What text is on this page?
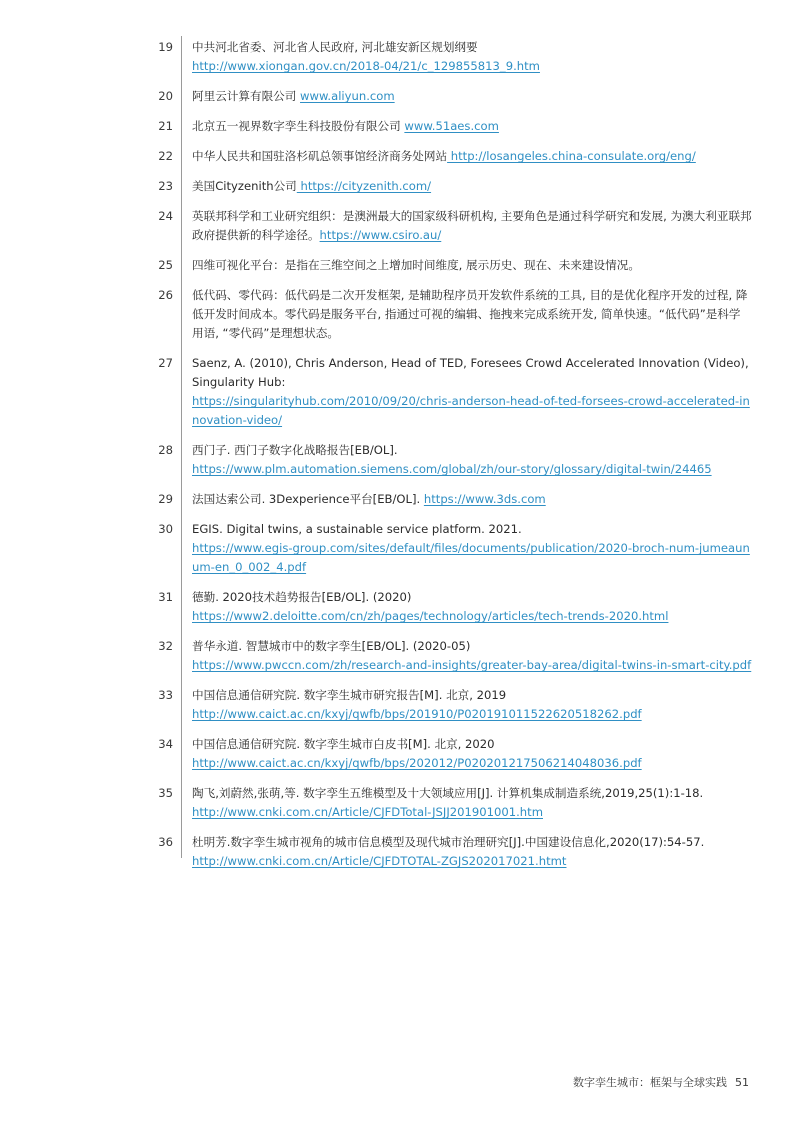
19 中共河北省委、河北省人民政府, 河北雄安新区规划纲要
http://www.xiongan.gov.cn/2018-04/21/c_129855813_9.htm
20 阿里云计算有限公司 www.aliyun.com
21 北京五一视界数字孪生科技股份有限公司 www.51aes.com
22 中华人民共和国驻洛杉矶总领事馆经济商务处网站 http://losangeles.china-consulate.org/eng/
23 美国Cityzenith公司 https://cityzenith.com/
24 英联邦科学和工业研究组织：是澳洲最大的国家级科研机构, 主要角色是通过科学研究和发展, 为澳大利亚联邦政府提供新的科学途径。https://www.csiro.au/
25 四维可视化平台：是指在三维空间之上增加时间维度, 展示历史、现在、未来建设情况。
26 低代码、零代码：低代码是二次开发框架, 是辅助程序员开发软件系统的工具, 目的是优化程序开发的过程, 降低开发时间成本。零代码是服务平台, 指通过可视的编辑、拖拽来完成系统开发, 简单快速。“低代码”是科学用语, “零代码”是理想状态。
27 Saenz, A. (2010), Chris Anderson, Head of TED, Foresees Crowd Accelerated Innovation (Video), Singularity Hub:
https://singularityhub.com/2010/09/20/chris-anderson-head-of-ted-forsees-crowd-accelerated-innovation-video/
28 西门子. 西门子数字化战略报告[EB/OL].
https://www.plm.automation.siemens.com/global/zh/our-story/glossary/digital-twin/24465
29 法国达索公司. 3Dexperience平台[EB/OL]. https://www.3ds.com
30 EGIS. Digital twins, a sustainable service platform. 2021.
https://www.egis-group.com/sites/default/files/documents/publication/2020-broch-num-jumeaunum-en_0_002_4.pdf
31 德勤. 2020技术趋势报告[EB/OL]. (2020)
https://www2.deloitte.com/cn/zh/pages/technology/articles/tech-trends-2020.html
32 普华永道. 智慧城市中的数字孪生[EB/OL]. (2020-05)
https://www.pwccn.com/zh/research-and-insights/greater-bay-area/digital-twins-in-smart-city.pdf
33 中国信息通信研究院. 数字孪生城市研究报告[M]. 北京, 2019
http://www.caict.ac.cn/kxyj/qwfb/bps/201910/P020191011522620518262.pdf
34 中国信息通信研究院. 数字孪生城市白皮书[M]. 北京, 2020
http://www.caict.ac.cn/kxyj/qwfb/bps/202012/P020201217506214048036.pdf
35 陶飞,刘蔚然,张萌,等. 数字孪生五维模型及十大领域应用[J]. 计算机集成制造系统,2019,25(1):1-18.
http://www.cnki.com.cn/Article/CJFDTotal-JSJJ201901001.htm
36 杜明芳.数字孪生城市视角的城市信息模型及现代城市治理研究[J].中国建设信息化,2020(17):54-57.
http://www.cnki.com.cn/Article/CJFDTOTAL-ZGJS202017021.htmt
数字孪生城市：框架与全球实践 51
